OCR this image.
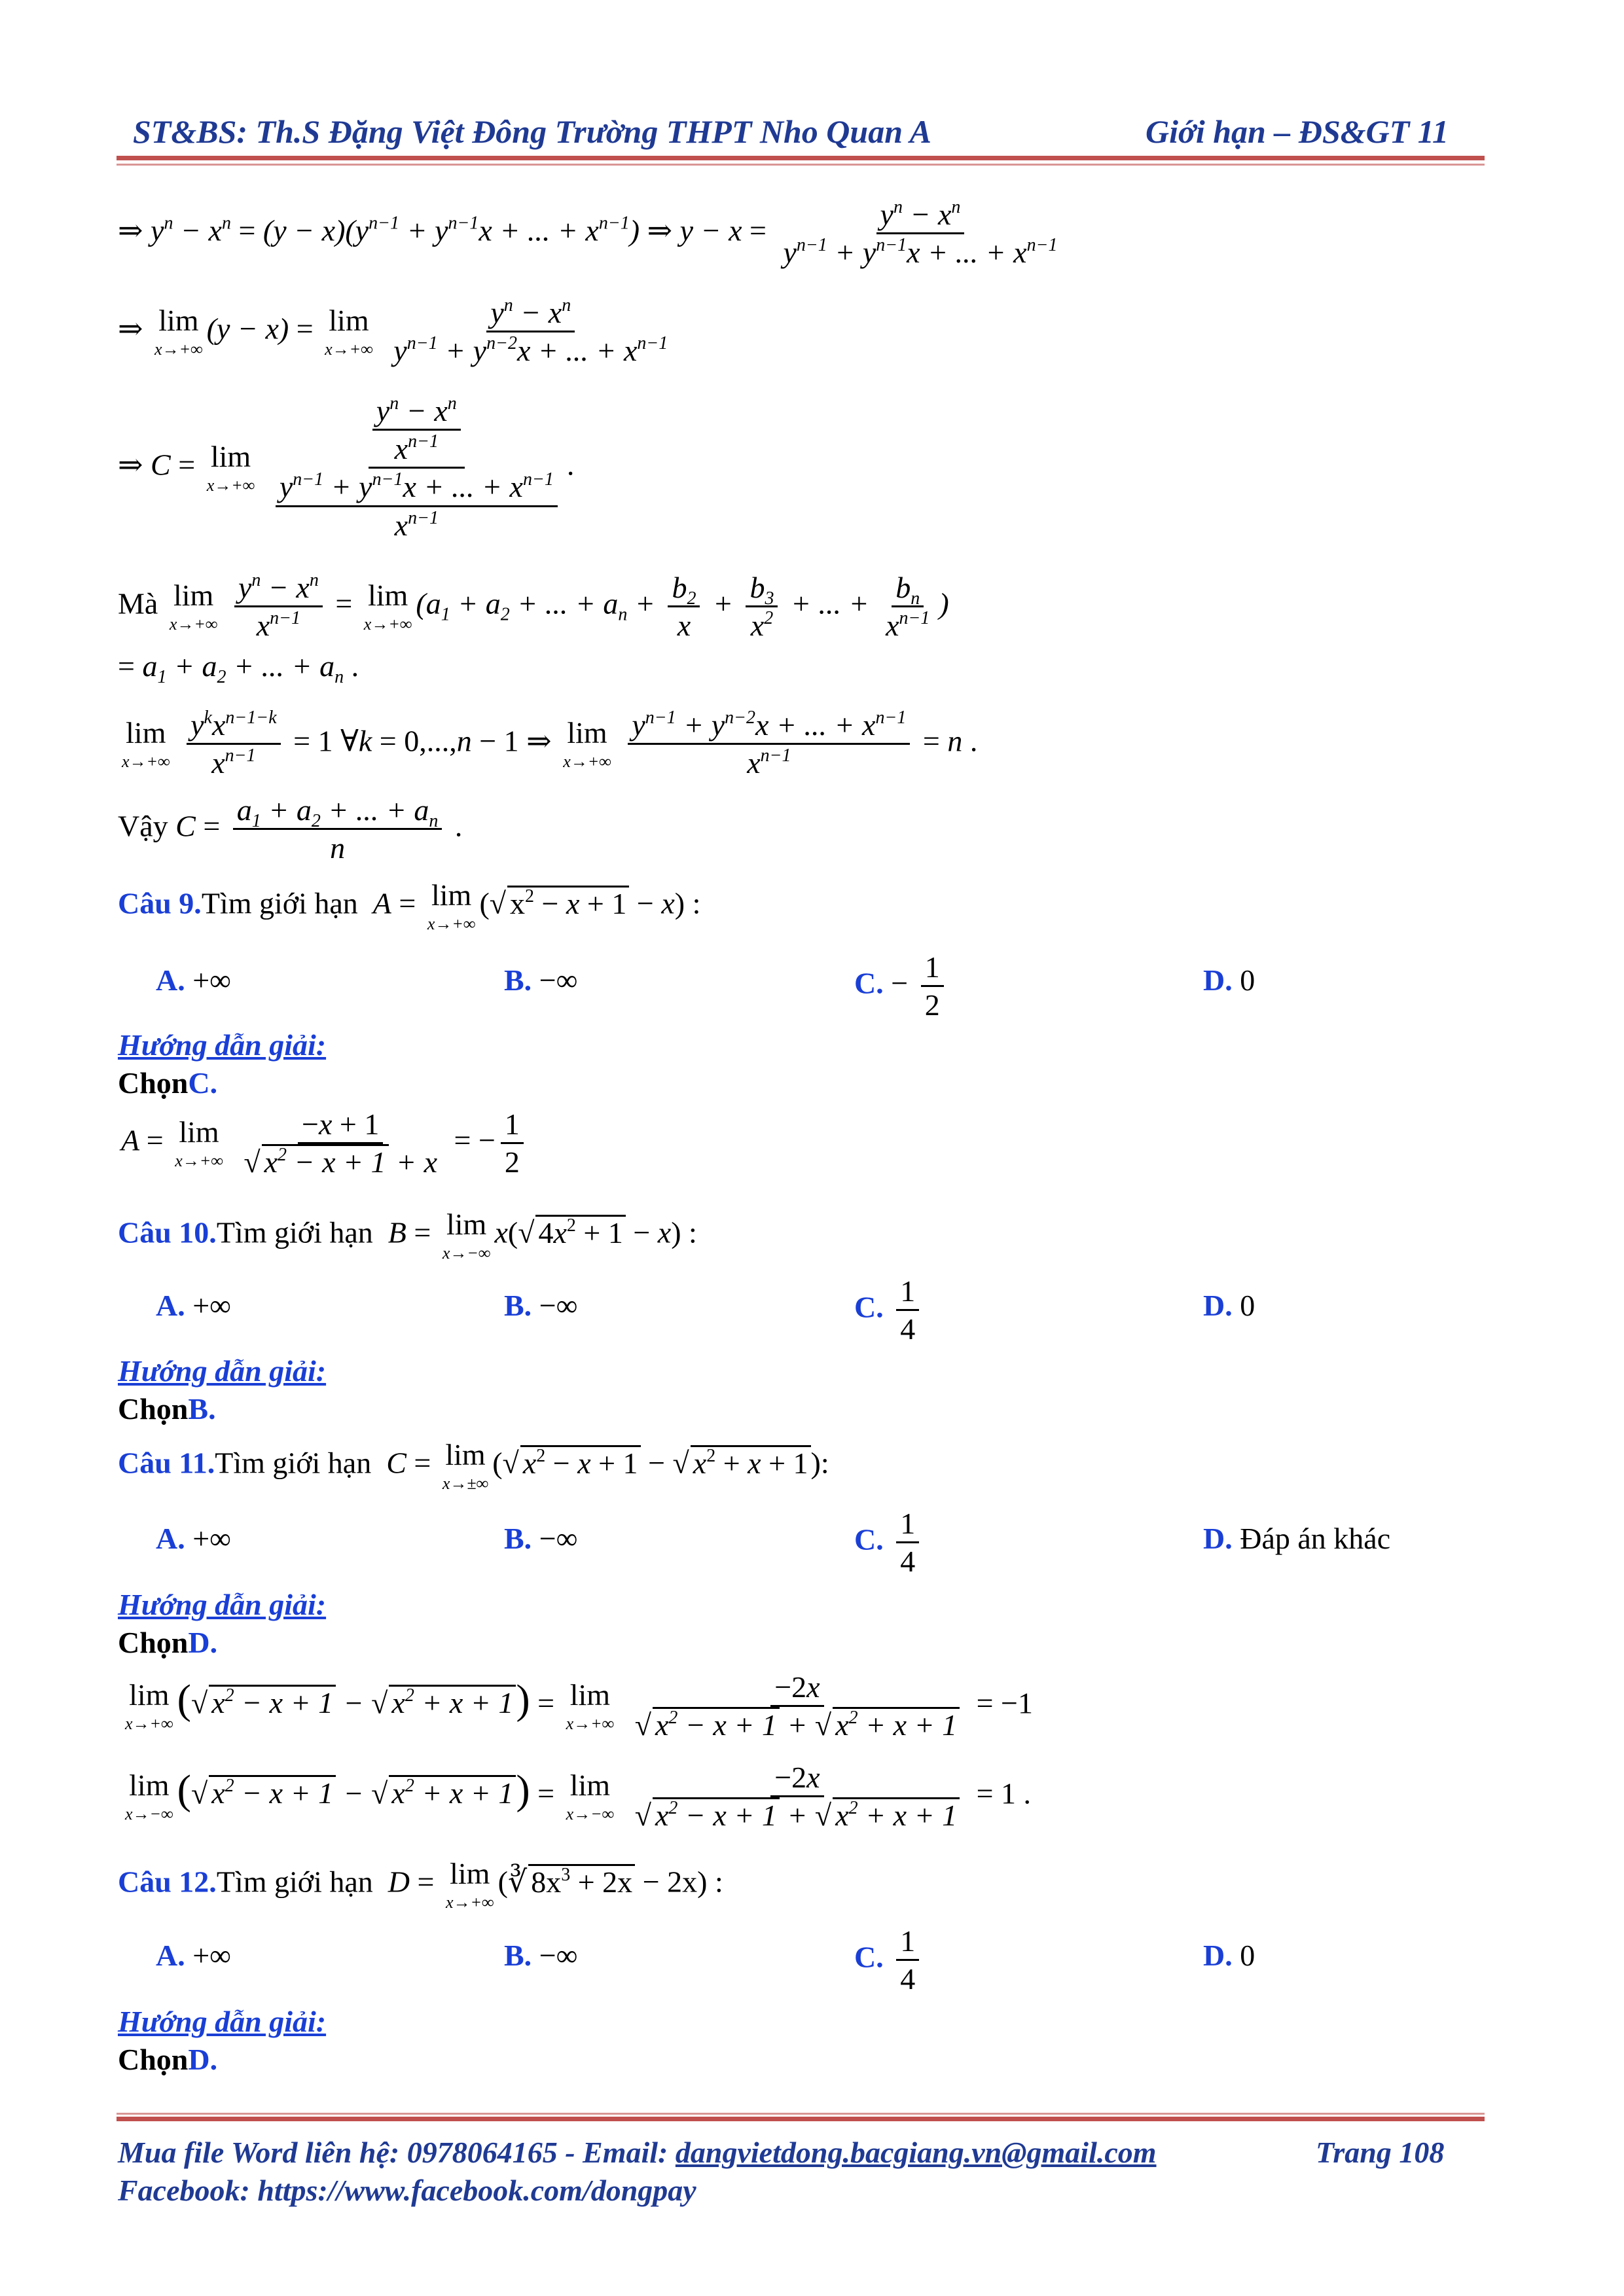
ST&BS: Th.S Đặng Việt Đông Trường THPT Nho Quan A	Giới hạn – ĐS&GT 11
⇒ $y^n - x^n = (y - x)(y^{n-1} + y^{n-1}x$ + ... + $x^{n-1}$) ⇒ $y - x = \frac{y^n - x^n}{y^{n-1} + y^{n-1}x + ... + x^{n-1}}$
⇒ lim
x→+∞
(y − x) = lim
x→+∞
$\frac{y^n - x^n}{y^{n-1} + y^{n-2}x + ... + x^{n-1}}$
⇒ C = lim
x→+∞
$\frac{\frac{y^n - x^n}{x^{n-1}}}{\frac{y^{n-1} + y^{n-1}x + ... + x^{n-1}}{x^{n-1}}}$ .
Mà lim
x→+∞
$\frac{y^n - x^n}{x^{n-1}} = \lim$
x→+∞
($a_1 + a_2$ + ... + $a_n + \frac{b_2}{x} + \frac{b_3}{x^2}$ + ... + $\frac{b_n}{x^{n-1}}$ )
= $a_1 + a_2$ + ... + $a_n$ .
lim
x→+∞
$\frac{y^kx^{n-1-k}}{x^{n-1}} = 1$ ∀k = 0,...,n − 1 ⇒ lim
x→+∞
$\frac{y^{n-1} + y^{n-2}x + ... + x^{n-1}}{x^{n-1}} = n$ .
Vậy $C = \frac{a_1 + a_2 + ... + a_n}{n}$ .
Câu 9.Tìm giới hạn  A = lim
x→+∞
(√ $x^2 - x + 1 - x$) :
A. +∞	B. −∞	C. − $\frac{1}{2}$	D. 0
Hướng dẫn giải:
ChọnC.
A = lim
x→+∞
$\frac{-x + 1}{√ x^2 - x + 1 + x}$ = − $\frac{1}{2}$
Câu 10.Tìm giới hạn  B = lim
x→−∞
x(√ $4x^2 + 1 - x$) :
A. +∞	B. −∞	C. $\frac{1}{4}$	D. 0
Hướng dẫn giải:
ChọnB.
Câu 11.Tìm giới hạn  C = lim
x→±∞
(√ $x^2 - x + 1$ − √ $x^2 + x + 1$):
A. +∞	B. −∞	C. $\frac{1}{4}$	D. Đáp án khác
Hướng dẫn giải:
ChọnD.
lim
x→+∞
(√ $x^2 - x + 1$ − √ $x^2 + x + 1) = \lim$
x→+∞
$\frac{-2x}{√ x^2 - x + 1 + √ x^2 + x + 1} = -1$
lim
x→−∞
(√ $x^2 - x + 1$ − √ $x^2 + x + 1) = \lim$
x→−∞
$\frac{-2x}{√ x^2 - x + 1 + √ x^2 + x + 1} = 1$ .
Câu 12.Tìm giới hạn  D = lim
x→+∞
(∛ $8x^3 + 2x - 2x$) :
A. +∞	B. −∞	C. $\frac{1}{4}$	D. 0
Hướng dẫn giải:
ChọnD.
Mua file Word liên hệ: 0978064165 - Email: dangvietdong.bacgiang.vn@gmail.com	Trang 108
Facebook: https://www.facebook.com/dongpay
